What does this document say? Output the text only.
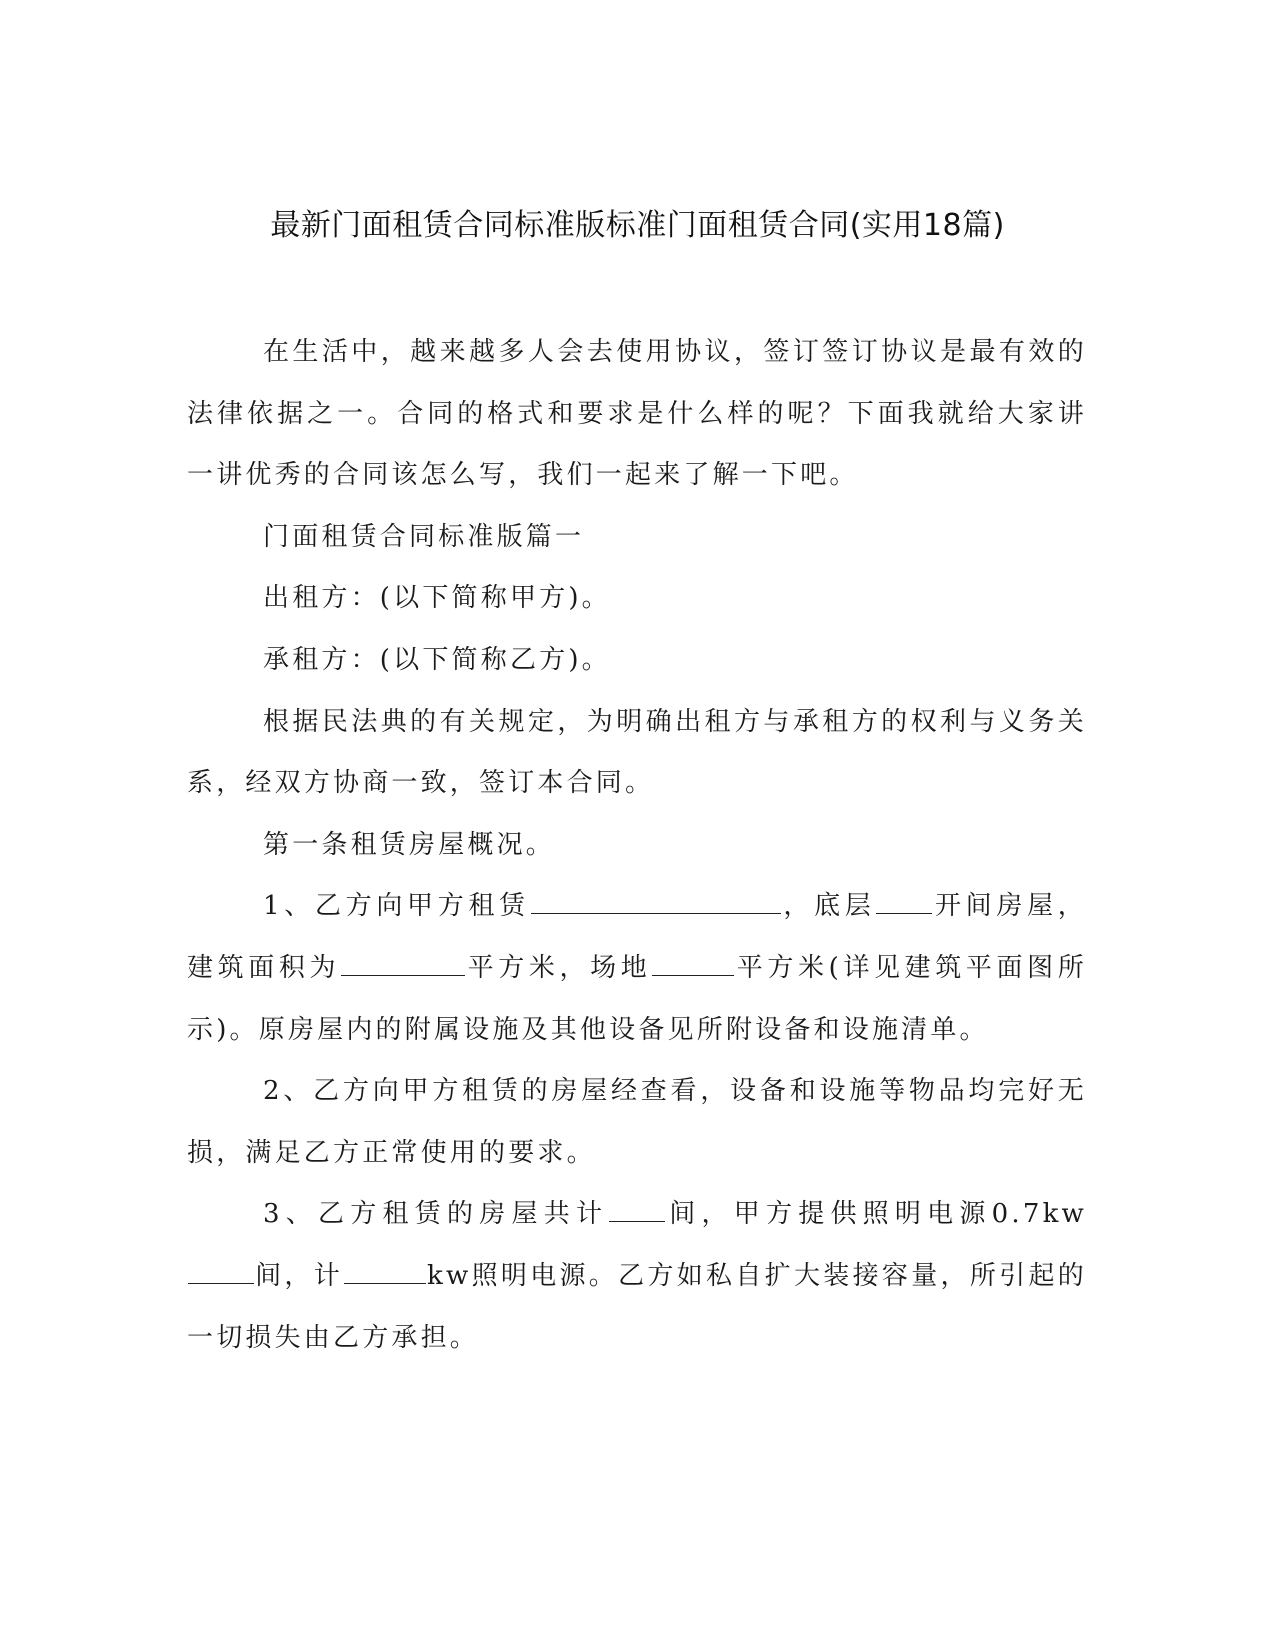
最新门面租赁合同标准版标准门面租赁合同(实用18篇)

在生活中，越来越多人会去使用协议，签订签订协议是最有效的法律依据之一。合同的格式和要求是什么样的呢？下面我就给大家讲一讲优秀的合同该怎么写，我们一起来了解一下吧。

门面租赁合同标准版篇一

出租方：(以下简称甲方)。

承租方：(以下简称乙方)。

根据民法典的有关规定，为明确出租方与承租方的权利与义务关系，经双方协商一致，签订本合同。

第一条租赁房屋概况。

1、乙方向甲方租赁	，底层 开间房屋，建筑面积为	平方米，场地	平方米(详见建筑平面图所示)。原房屋内的附属设施及其他设备见所附设备和设施清单。

2、乙方向甲方租赁的房屋经查看，设备和设施等物品均完好无损，满足乙方正常使用的要求。

3、乙方租赁的房屋共计 间，甲方提供照明电源0.7kw间，计	kw照明电源。乙方如私自扩大装接容量，所引起的一切损失由乙方承担。
